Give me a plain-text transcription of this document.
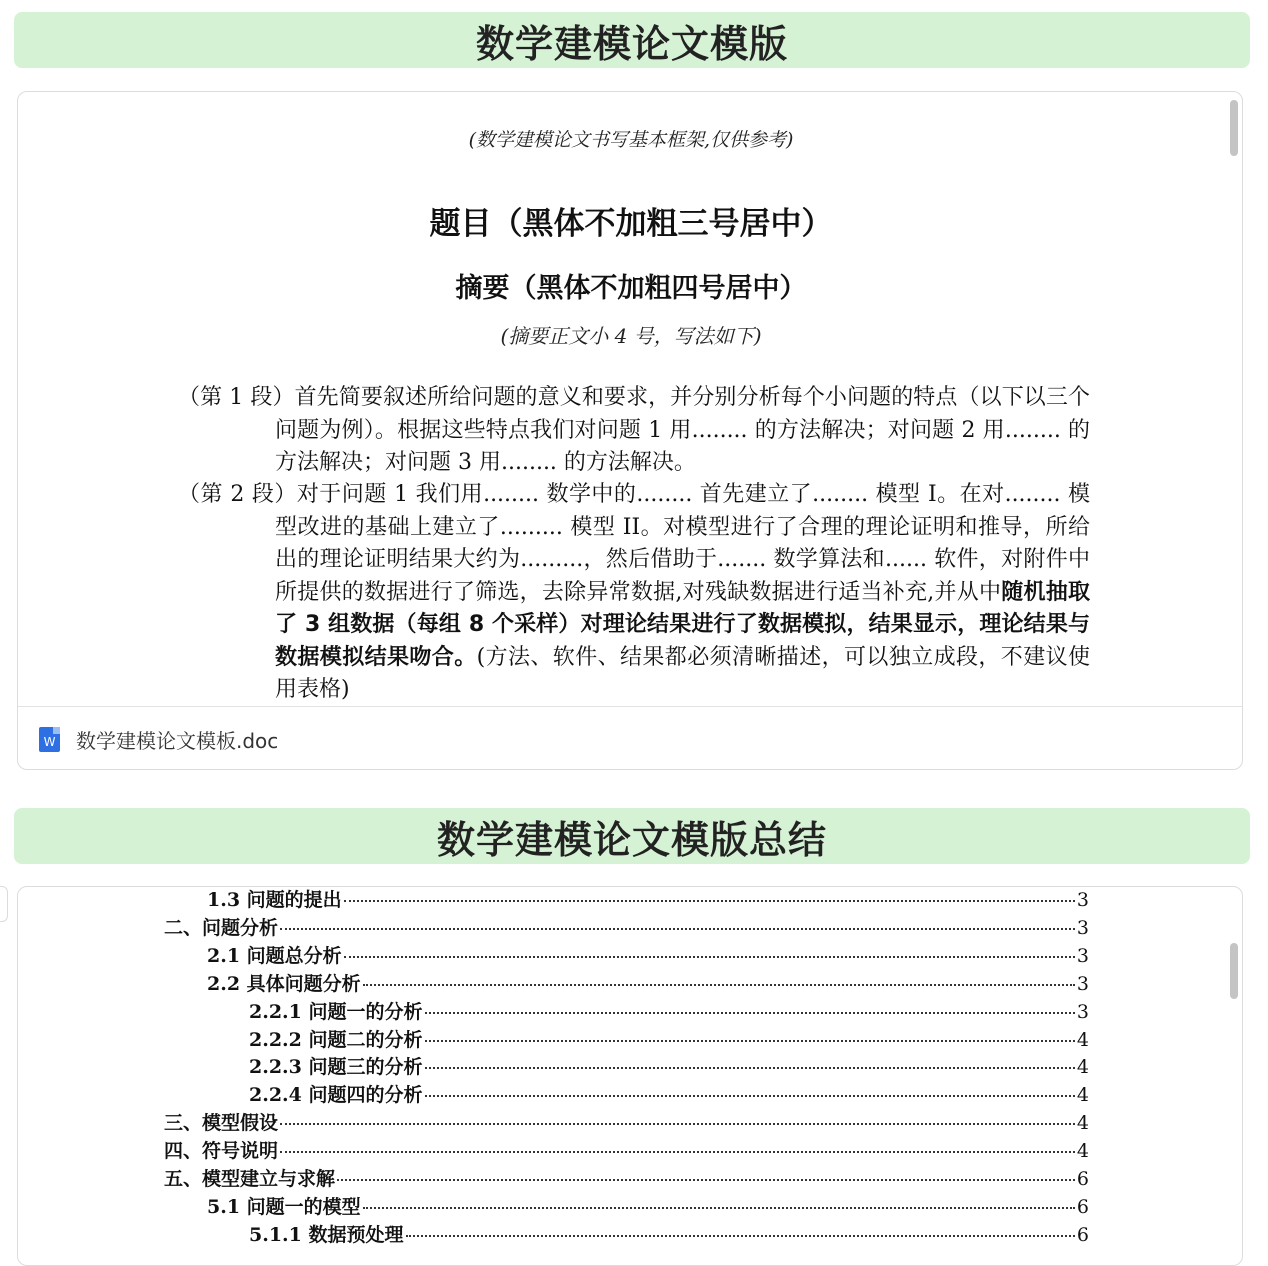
数学建模论文模版
(数学建模论文书写基本框架,仅供参考)
题目（黑体不加粗三号居中）
摘要（黑体不加粗四号居中）
(摘要正文小 4 号，写法如下)
（第 1 段）首先简要叙述所给问题的意义和要求，并分别分析每个小问题的特点（以下以三个问题为例）。根据这些特点我们对问题 1 用........ 的方法解决；对问题 2 用........ 的方法解决；对问题 3 用........ 的方法解决。
（第 2 段）对于问题 1 我们用........ 数学中的........ 首先建立了........ 模型 I。在对........ 模型改进的基础上建立了......... 模型 II。对模型进行了合理的理论证明和推导，所给出的理论证明结果大约为.........，然后借助于....... 数学算法和...... 软件，对附件中所提供的数据进行了筛选，去除异常数据,对残缺数据进行适当补充,并从中随机抽取了 3 组数据（每组 8 个采样）对理论结果进行了数据模拟，结果显示，理论结果与数据模拟结果吻合。(方法、软件、结果都必须清晰描述，可以独立成段，不建议使用表格)
W 数学建模论文模板.doc
数学建模论文模版总结
1.3 问题的提出	3
二、问题分析	3
2.1 问题总分析	3
2.2 具体问题分析	3
2.2.1 问题一的分析	3
2.2.2 问题二的分析	4
2.2.3 问题三的分析	4
2.2.4 问题四的分析	4
三、模型假设	4
四、符号说明	4
五、模型建立与求解	6
5.1 问题一的模型	6
5.1.1 数据预处理	6
